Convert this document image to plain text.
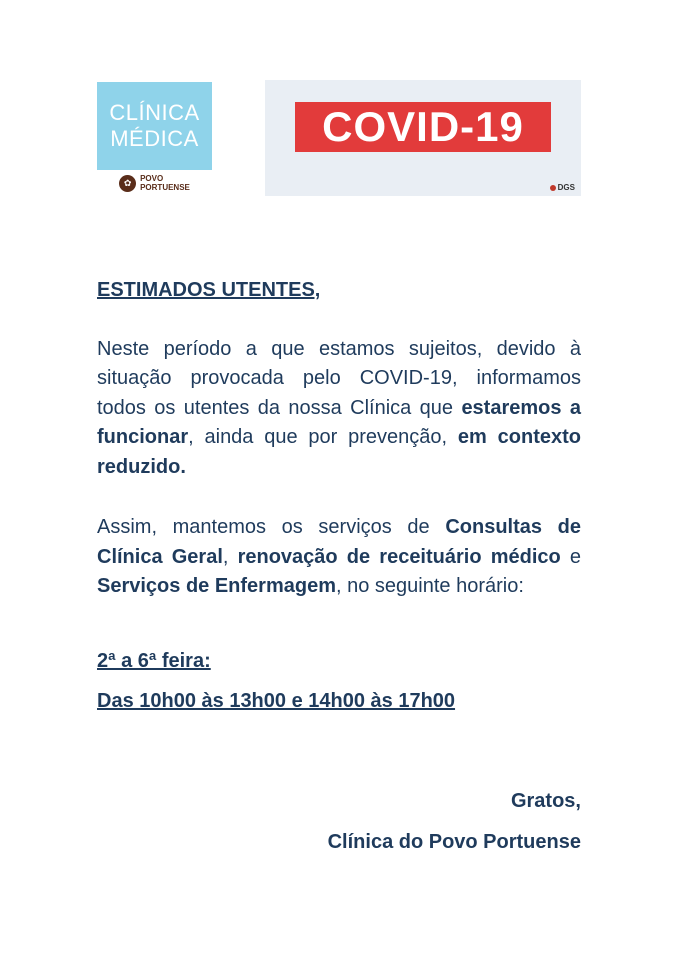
CLÍNICA
MÉDICA
✿	POVO
PORTUENSE
COVID-19
DGS

ESTIMADOS UTENTES,

Neste período a que estamos sujeitos, devido à situação provocada pelo COVID-19, informamos todos os utentes da nossa Clínica que estaremos a funcionar, ainda que por prevenção, em contexto reduzido.

Assim, mantemos os serviços de Consultas de Clínica Geral, renovação de receituário médico e Serviços de Enfermagem, no seguinte horário:

2ª a 6ª feira:

Das 10h00 às 13h00 e 14h00 às 17h00

Gratos,
Clínica do Povo Portuense
